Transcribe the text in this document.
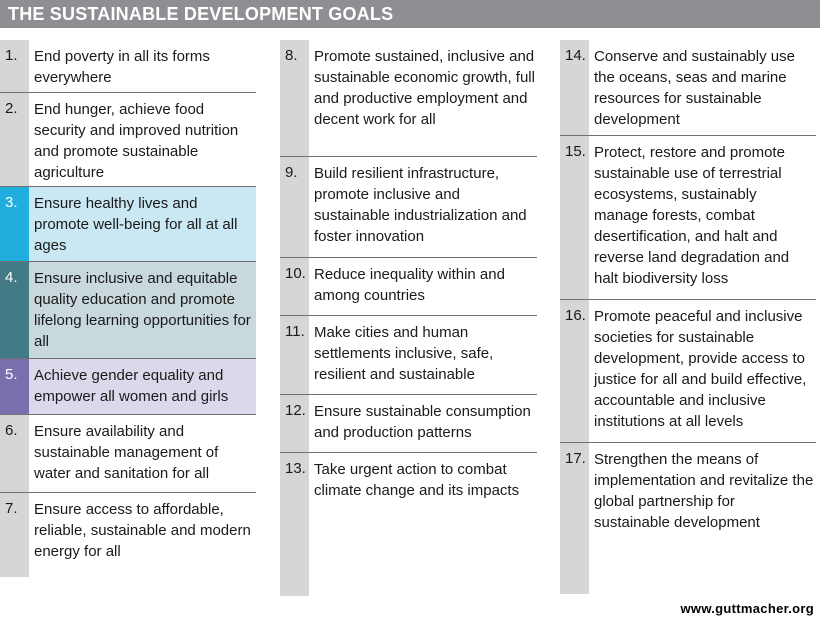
THE SUSTAINABLE DEVELOPMENT GOALS
1. End poverty in all its forms everywhere
2. End hunger, achieve food security and improved nutrition and promote sustainable agriculture
3. Ensure healthy lives and promote well-being for all at all ages
4. Ensure inclusive and equitable quality education and promote lifelong learning opportunities for all
5. Achieve gender equality and empower all women and girls
6. Ensure availability and sustainable management of water and sanitation for all
7. Ensure access to affordable, reliable, sustainable and modern energy for all
8. Promote sustained, inclusive and sustainable economic growth, full and productive employment and decent work for all
9. Build resilient infrastructure, promote inclusive and sustainable industrialization and foster innovation
10. Reduce inequality within and among countries
11. Make cities and human settlements inclusive, safe, resilient and sustainable
12. Ensure sustainable consumption and production patterns
13. Take urgent action to combat climate change and its impacts
14. Conserve and sustainably use the oceans, seas and marine resources for sustainable development
15. Protect, restore and promote sustainable use of terrestrial ecosystems, sustainably manage forests, combat desertification, and halt and reverse land degradation and halt biodiversity loss
16. Promote peaceful and inclusive societies for sustainable development, provide access to justice for all and build effective, accountable and inclusive institutions at all levels
17. Strengthen the means of implementation and revitalize the global partnership for sustainable development
www.guttmacher.org
